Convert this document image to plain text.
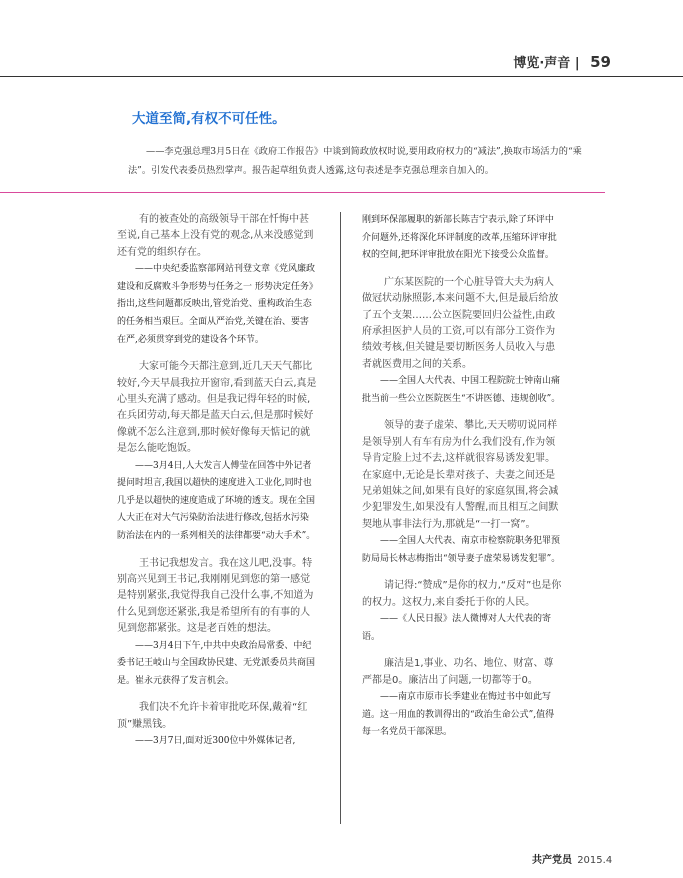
博览·声音 | 59
大道至简,有权不可任性。
——李克强总理3月5日在《政府工作报告》中谈到简政放权时说,要用政府权力的“减法”,换取市场活力的“乘法”。引发代表委员热烈掌声。报告起草组负责人透露,这句表述是李克强总理亲自加入的。

有的被查处的高级领导干部在忏悔中甚至说,自己基本上没有党的观念,从来没感觉到还有党的组织存在。

——中央纪委监察部网站刊登文章《党风廉政建设和反腐败斗争形势与任务之一 形势决定任务》指出,这些问题都反映出,管党治党、重构政治生态的任务相当艰巨。全面从严治党,关键在治、要害在严,必须贯穿到党的建设各个环节。

大家可能今天都注意到,近几天天气都比较好,今天早晨我拉开窗帘,看到蓝天白云,真是心里头充满了感动。但是我记得年轻的时候,在兵团劳动,每天都是蓝天白云,但是那时候好像就不怎么注意到,那时候好像每天惦记的就是怎么能吃饱饭。

——3月4日,人大发言人傅莹在回答中外记者提问时坦言,我国以超快的速度进入工业化,同时也几乎是以超快的速度造成了环境的透支。现在全国人大正在对大气污染防治法进行修改,包括水污染防治法在内的一系列相关的法律都要“动大手术”。

王书记我想发言。我在这儿吧,没事。特别高兴见到王书记,我刚刚见到您的第一感觉是特别紧张,我觉得我自己没什么事,不知道为什么见到您还紧张,我是希望所有的有事的人见到您都紧张。这是老百姓的想法。

——3月4日下午,中共中央政治局常委、中纪委书记王岐山与全国政协民建、无党派委员共商国是。崔永元获得了发言机会。

我们决不允许卡着审批吃环保,戴着“红顶”赚黑钱。

——3月7日,面对近300位中外媒体记者,

刚到环保部履职的新部长陈吉宁表示,除了环评中介问题外,还将深化环评制度的改革,压缩环评审批权的空间,把环评审批放在阳光下接受公众监督。

广东某医院的一个心脏导管大夫为病人做冠状动脉照影,本来问题不大,但是最后给放了五个支架……公立医院要回归公益性,由政府承担医护人员的工资,可以有部分工资作为绩效考核,但关键是要切断医务人员收入与患者就医费用之间的关系。

——全国人大代表、中国工程院院士钟南山痛批当前一些公立医院医生“不讲医德、违规创收”。

领导的妻子虚荣、攀比,天天唠叨说同样是领导别人有车有房为什么我们没有,作为领导肯定脸上过不去,这样就很容易诱发犯罪。在家庭中,无论是长辈对孩子、夫妻之间还是兄弟姐妹之间,如果有良好的家庭氛围,将会减少犯罪发生,如果没有人警醒,而且相互之间默契地从事非法行为,那就是“一打一窝”。

——全国人大代表、南京市检察院职务犯罪预防局局长林志梅指出“领导妻子虚荣易诱发犯罪”。

请记得:“赞成”是你的权力,“反对”也是你的权力。这权力,来自委托于你的人民。

——《人民日报》法人微博对人大代表的寄语。

廉洁是1,事业、功名、地位、财富、尊严都是0。廉洁出了问题,一切都等于0。

——南京市原市长季建业在悔过书中如此写道。这一用血的教训得出的“政治生命公式”,值得每一名党员干部深思。

共产党员 2015.4
